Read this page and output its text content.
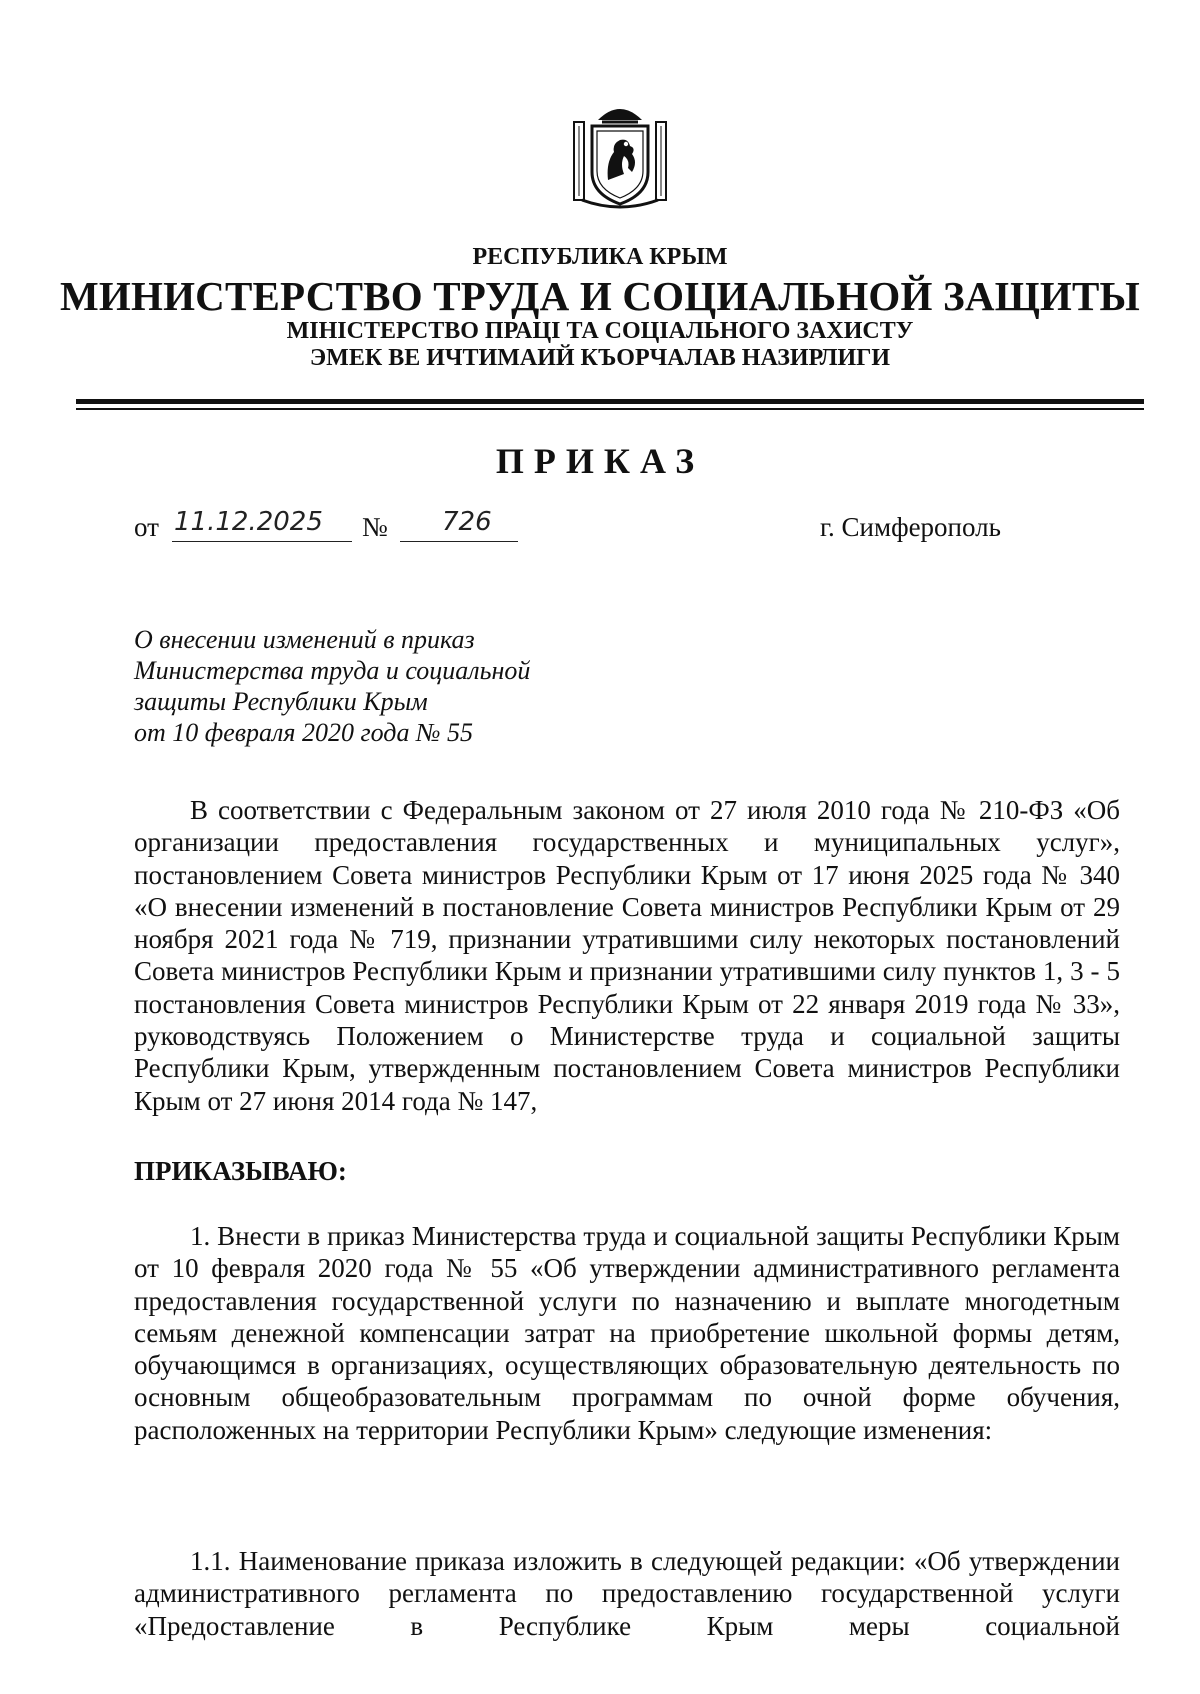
РЕСПУБЛИКА КРЫМ
МИНИСТЕРСТВО ТРУДА И СОЦИАЛЬНОЙ ЗАЩИТЫ
МІНІСТЕРСТВО ПРАЦІ ТА СОЦІАЛЬНОГО ЗАХИСТУ
ЭМЕК ВЕ ИЧТИМАИЙ КЪОРЧАЛАВ НАЗИРЛИГИ
ПРИКАЗ
от 11.12.2025 № 726	г. Симферополь
О внесении изменений в приказ
Министерства труда и социальной
защиты Республики Крым
от 10 февраля 2020 года № 55
В соответствии с Федеральным законом от 27 июля 2010 года № 210-ФЗ «Об организации предоставления государственных и муниципальных услуг», постановлением Совета министров Республики Крым от 17 июня 2025 года № 340 «О внесении изменений в постановление Совета министров Республики Крым от 29 ноября 2021 года № 719, признании утратившими силу некоторых постановлений Совета министров Республики Крым и признании утратившими силу пунктов 1, 3 - 5 постановления Совета министров Республики Крым от 22 января 2019 года № 33», руководствуясь Положением о Министерстве труда и социальной защиты Республики Крым, утвержденным постановлением Совета министров Республики Крым от 27 июня 2014 года № 147,
ПРИКАЗЫВАЮ:
1. Внести в приказ Министерства труда и социальной защиты Республики Крым от 10 февраля 2020 года № 55 «Об утверждении административного регламента предоставления государственной услуги по назначению и выплате многодетным семьям денежной компенсации затрат на приобретение школьной формы детям, обучающимся в организациях, осуществляющих образовательную деятельность по основным общеобразовательным программам по очной форме обучения, расположенных на территории Республики Крым» следующие изменения:
1.1. Наименование приказа изложить в следующей редакции: «Об утверждении административного регламента по предоставлению государственной услуги «Предоставление в Республике Крым меры социальной
